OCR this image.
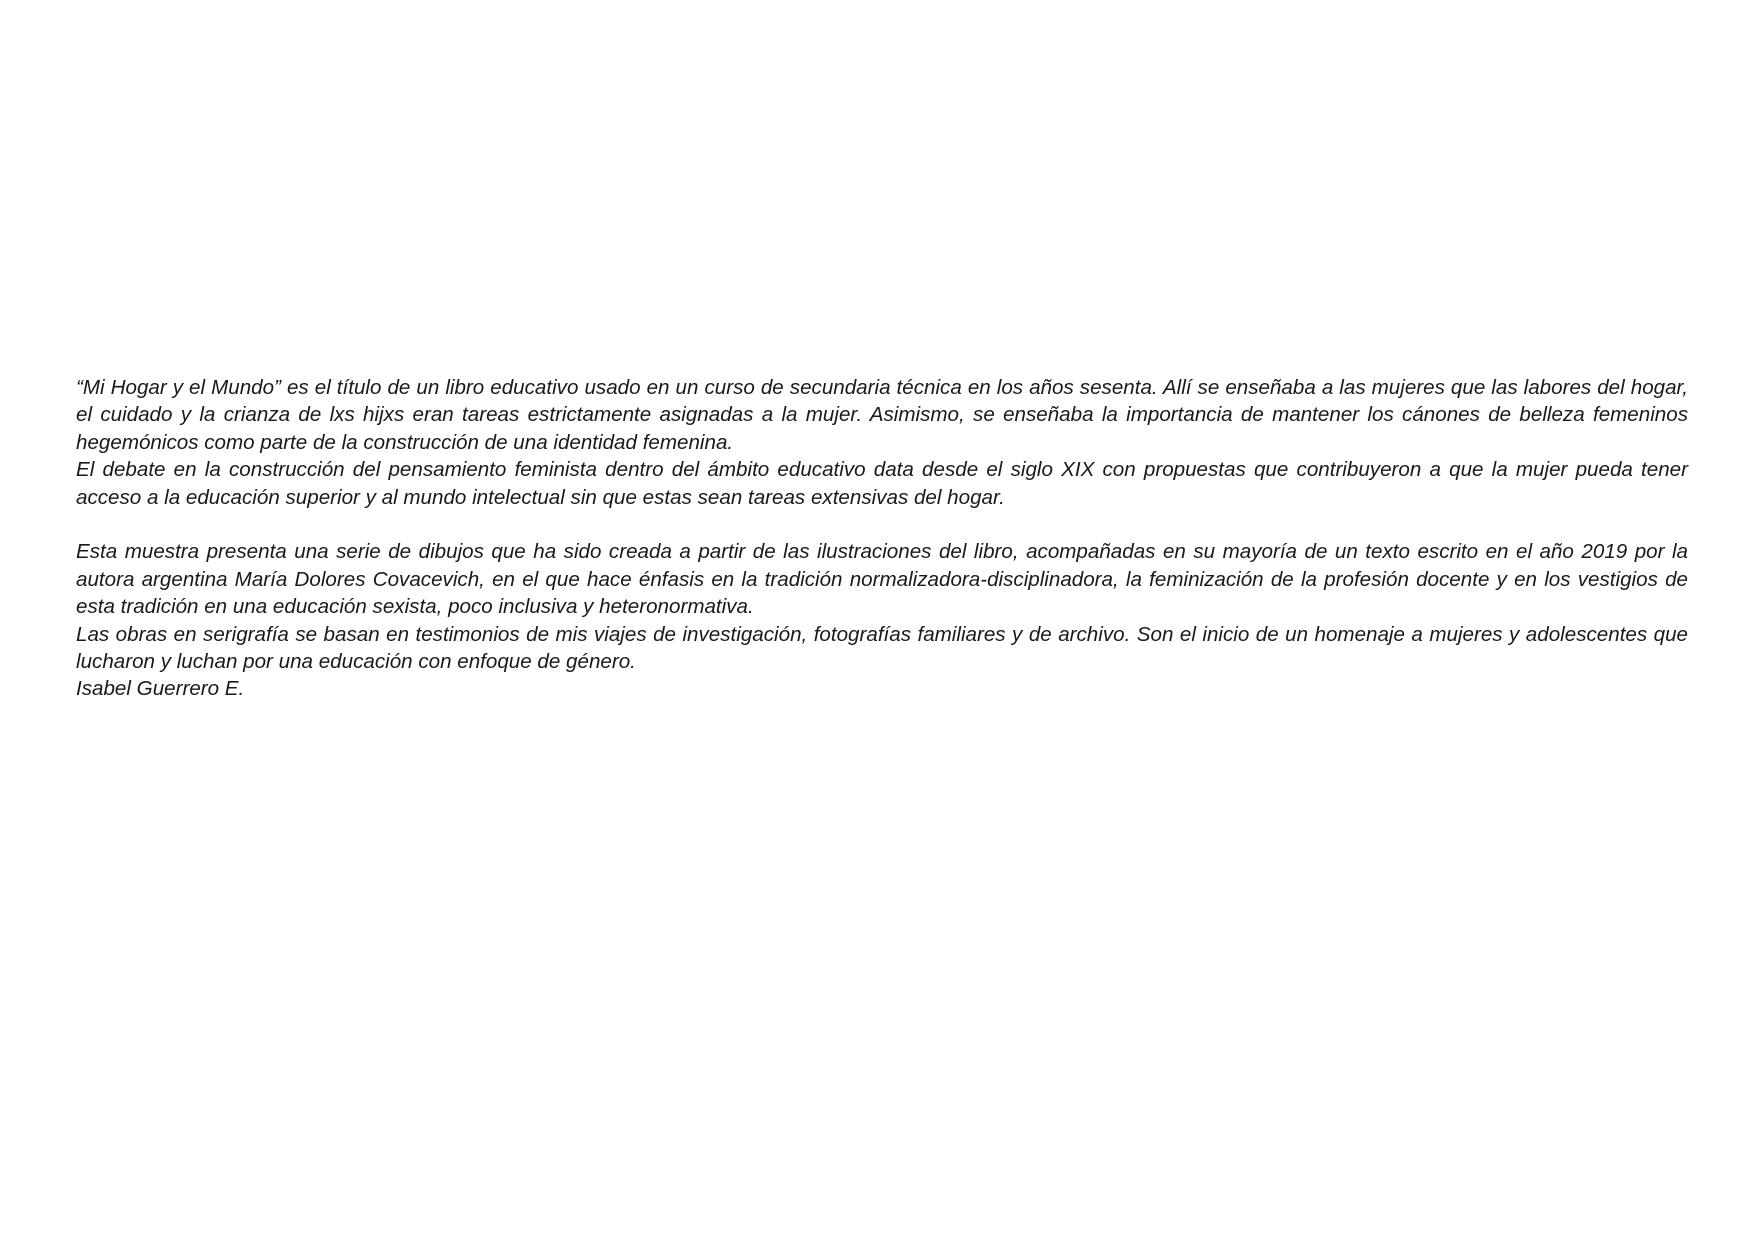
“Mi Hogar y el Mundo” es el título de un libro educativo usado en un curso de secundaria técnica en los años sesenta. Allí se enseñaba a las mujeres que las labores del hogar, el cuidado y la crianza de lxs hijxs eran tareas estrictamente asignadas a la mujer. Asimismo, se enseñaba la importancia de mantener los cánones de belleza femeninos hegemónicos como parte de la construcción de una identidad femenina.

El debate en la construcción del pensamiento feminista dentro del ámbito educativo data desde el siglo XIX con propuestas que contribuyeron a que la mujer pueda tener acceso a la educación superior y al mundo intelectual sin que estas sean tareas extensivas del hogar.

Esta muestra presenta una serie de dibujos que ha sido creada a partir de las ilustraciones del libro, acompañadas en su mayoría de un texto escrito en el año 2019 por la autora argentina María Dolores Covacevich, en el que hace énfasis en la tradición normalizadora-disciplinadora, la feminización de la profesión docente y en los vestigios de esta tradición en una educación sexista, poco inclusiva y heteronormativa.

Las obras en serigrafía se basan en testimonios de mis viajes de investigación, fotografías familiares y de archivo. Son el inicio de un homenaje a mujeres y adolescentes que lucharon y luchan por una educación con enfoque de género.

Isabel Guerrero E.
